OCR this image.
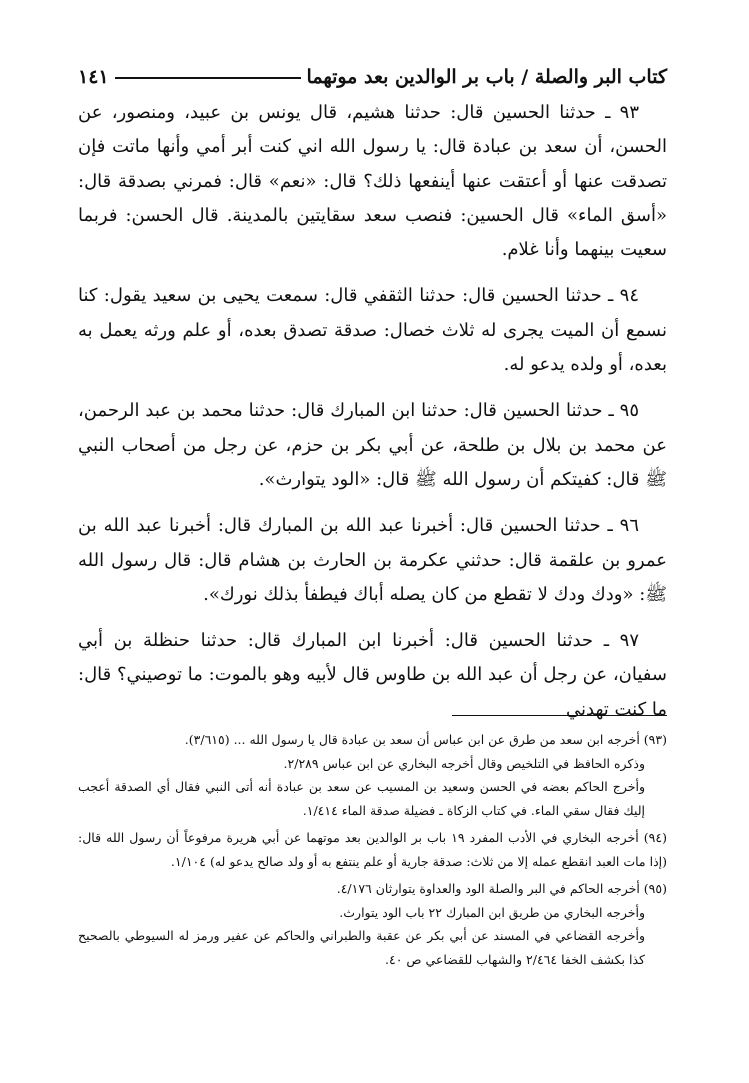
كتاب البر والصلة / باب بر الوالدين بعد موتهما
١٤١

٩٣ ـ حدثنا الحسين قال: حدثنا هشيم، قال يونس بن عبيد، ومنصور، عن الحسن، أن سعد بن عبادة قال: يا رسول الله اني كنت أبر أمي وأنها ماتت فإن تصدقت عنها أو أعتقت عنها أينفعها ذلك؟ قال: «نعم» قال: فمرني بصدقة قال: «أسق الماء» قال الحسين: فنصب سعد سقايتين بالمدينة. قال الحسن: فربما سعيت بينهما وأنا غلام.

٩٤ ـ حدثنا الحسين قال: حدثنا الثقفي قال: سمعت يحيى بن سعيد يقول: كنا نسمع أن الميت يجرى له ثلاث خصال: صدقة تصدق بعده، أو علم ورثه يعمل به بعده، أو ولده يدعو له.

٩٥ ـ حدثنا الحسين قال: حدثنا ابن المبارك قال: حدثنا محمد بن عبد الرحمن، عن محمد بن بلال بن طلحة، عن أبي بكر بن حزم، عن رجل من أصحاب النبي ﷺ قال: كفيتكم أن رسول الله ﷺ قال: «الود يتوارث».

٩٦ ـ حدثنا الحسين قال: أخبرنا عبد الله بن المبارك قال: أخبرنا عبد الله بن عمرو بن علقمة قال: حدثني عكرمة بن الحارث بن هشام قال: قال رسول الله ﷺ: «ودك ودك لا تقطع من كان يصله أباك فيطفأ بذلك نورك».

٩٧ ـ حدثنا الحسين قال: أخبرنا ابن المبارك قال: حدثنا حنظلة بن أبي سفيان، عن رجل أن عبد الله بن طاوس قال لأبيه وهو بالموت: ما توصيني؟ قال: ما كنت تهدني

(٩٣) أخرجه ابن سعد من طرق عن ابن عباس أن سعد بن عبادة قال يا رسول الله ... (٣/٦١٥).
وذكره الحافظ في التلخيص وقال أخرجه البخاري عن ابن عباس ٢/٢٨٩.
وأخرج الحاكم بعضه في الحسن وسعيد بن المسيب عن سعد بن عبادة أنه أتى النبي فقال أي الصدقة أعجب إليك فقال سقي الماء. في كتاب الزكاة ـ فضيلة صدقة الماء ١/٤١٤.
(٩٤) أخرجه البخاري في الأدب المفرد ١٩ باب بر الوالدين بعد موتهما عن أبي هريرة مرفوعاً أن رسول الله قال: (إذا مات العبد انقطع عمله إلا من ثلاث: صدقة جارية أو علم ينتفع به أو ولد صالح يدعو له) ١/١٠٤.
(٩٥) أخرجه الحاكم في البر والصلة الود والعداوة يتوارثان ٤/١٧٦.
وأخرجه البخاري من طريق ابن المبارك ٢٢ باب الود يتوارث.
وأخرجه القضاعي في المسند عن أبي بكر عن عقبة والطبراني والحاكم عن عفير ورمز له السيوطي بالصحيح كذا بكشف الخفا ٢/٤٦٤ والشهاب للقضاعي ص ٤٠.
